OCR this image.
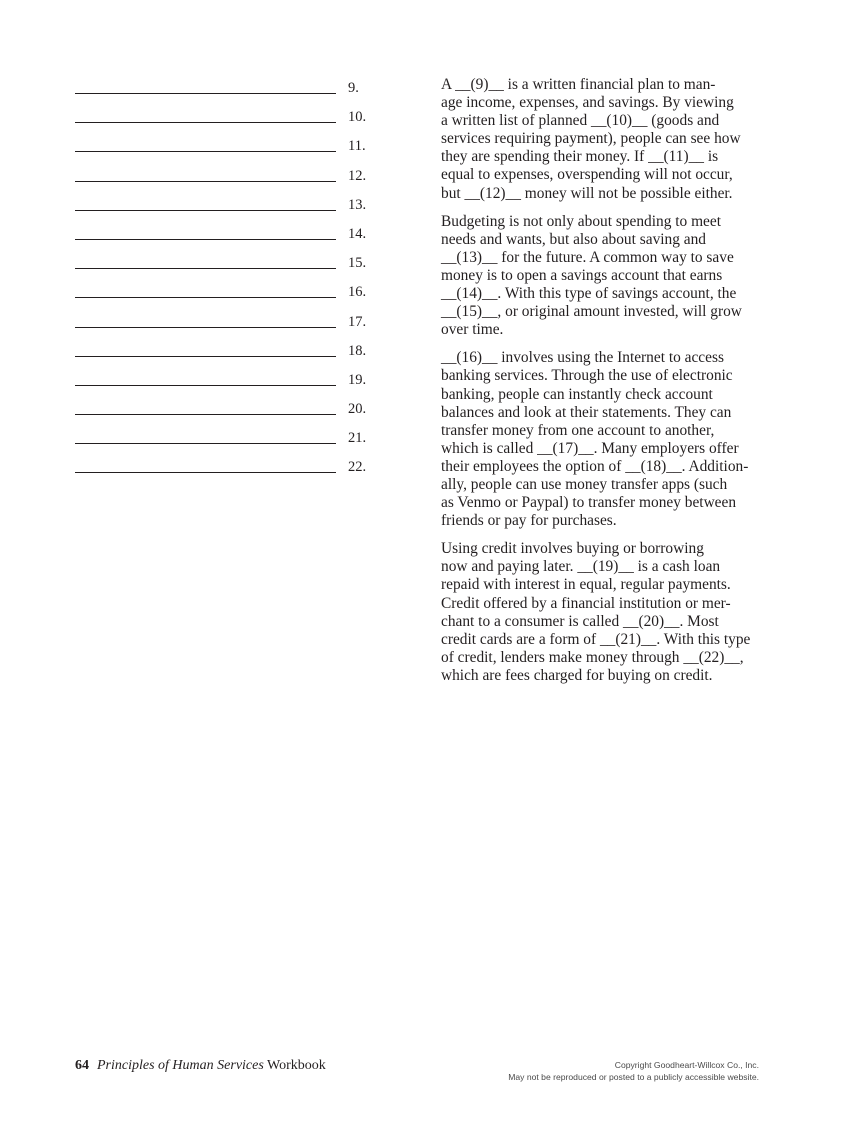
9.
10.
11.
12.
13.
14.
15.
16.
17.
18.
19.
20.
21.
22.

A __(9)__ is a written financial plan to man-
age income, expenses, and savings. By viewing
a written list of planned __(10)__ (goods and
services requiring payment), people can see how
they are spending their money. If __(11)__ is
equal to expenses, overspending will not occur,
but __(12)__ money will not be possible either.

Budgeting is not only about spending to meet
needs and wants, but also about saving and
__(13)__ for the future. A common way to save
money is to open a savings account that earns
__(14)__. With this type of savings account, the
__(15)__, or original amount invested, will grow
over time.

__(16)__ involves using the Internet to access
banking services. Through the use of electronic
banking, people can instantly check account
balances and look at their statements. They can
transfer money from one account to another,
which is called __(17)__. Many employers offer
their employees the option of __(18)__. Addition-
ally, people can use money transfer apps (such
as Venmo or Paypal) to transfer money between
friends or pay for purchases.

Using credit involves buying or borrowing
now and paying later. __(19)__ is a cash loan
repaid with interest in equal, regular payments.
Credit offered by a financial institution or mer-
chant to a consumer is called __(20)__. Most
credit cards are a form of __(21)__. With this type
of credit, lenders make money through __(22)__,
which are fees charged for buying on credit.

64 Principles of Human Services Workbook	Copyright Goodheart-Willcox Co., Inc.
May not be reproduced or posted to a publicly accessible website.
